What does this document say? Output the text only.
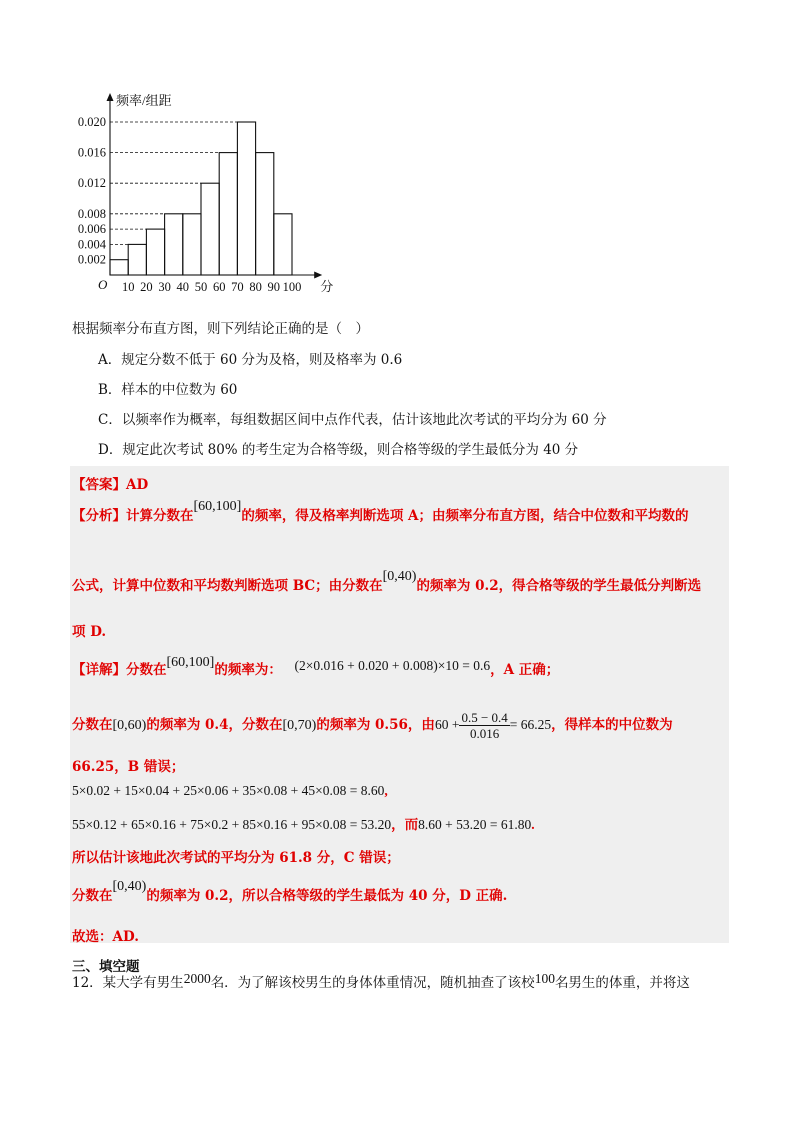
0.002
0.004
0.006
0.008
0.012
0.016
0.020
10 20 30 40 50 60 70 80 90 100 分
O
频率/组距
根据频率分布直方图，则下列结论正确的是（　）
A．规定分数不低于 60 分为及格，则及格率为 0.6
B．样本的中位数为 60
C．以频率作为概率，每组数据区间中点作代表，估计该地此次考试的平均分为 60 分
D．规定此次考试 80% 的考生定为合格等级，则合格等级的学生最低分为 40 分
【答案】AD
【分析】计算分数在[60,100]的频率，得及格率判断选项 A；由频率分布直方图，结合中位数和平均数的
公式，计算中位数和平均数判断选项 BC；由分数在[0,40)的频率为 0.2，得合格等级的学生最低分判断选
项 D.
【详解】分数在[60,100]的频率为： (2×0.016 + 0.020 + 0.008)×10 = 0.6，A 正确；
分数在[0,60)的频率为 0.4，分数在[0,70)的频率为 0.56，由$60 + \frac{0.5 - 0.4}{0.016} = 66.25$，得样本的中位数为
66.25，B 错误；
5×0.02 + 15×0.04 + 25×0.06 + 35×0.08 + 45×0.08 = 8.60,
55×0.12 + 65×0.16 + 75×0.2 + 85×0.16 + 95×0.08 = 53.20，而8.60 + 53.20 = 61.80.
所以估计该地此次考试的平均分为 61.8 分，C 错误；
分数在[0,40)的频率为 0.2，所以合格等级的学生最低为 40 分，D 正确.
故选：AD.
三、填空题
12．某大学有男生2000名．为了解该校男生的身体体重情况，随机抽查了该校100名男生的体重，并将这
